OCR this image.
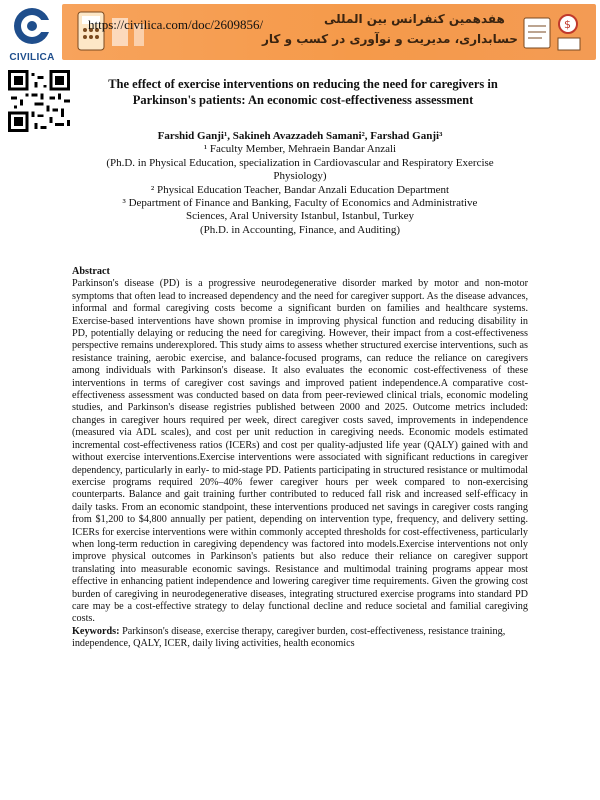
CIVILICA
هفدهمین کنفرانس بین المللی
حسابداری، مدیریت و نوآوری در کسب و کار
$
https://civilica.com/doc/2609856/
The effect of exercise interventions on reducing the need for caregivers in Parkinson's patients: An economic cost-effectiveness assessment
Farshid Ganji¹, Sakineh Avazzadeh Samani², Farshad Ganji³
¹ Faculty Member, Mehraein Bandar Anzali
(Ph.D. in Physical Education, specialization in Cardiovascular and Respiratory Exercise Physiology)
² Physical Education Teacher, Bandar Anzali Education Department
³ Department of Finance and Banking, Faculty of Economics and Administrative Sciences, Aral University Istanbul, Istanbul, Turkey
(Ph.D. in Accounting, Finance, and Auditing)
Abstract
Parkinson's disease (PD) is a progressive neurodegenerative disorder marked by motor and non-motor symptoms that often lead to increased dependency and the need for caregiver support. As the disease advances, informal and formal caregiving costs become a significant burden on families and healthcare systems. Exercise-based interventions have shown promise in improving physical function and reducing disability in PD, potentially delaying or reducing the need for caregiving. However, their impact from a cost-effectiveness perspective remains underexplored. This study aims to assess whether structured exercise interventions, such as resistance training, aerobic exercise, and balance-focused programs, can reduce the reliance on caregivers among individuals with Parkinson's disease. It also evaluates the economic cost-effectiveness of these interventions in terms of caregiver cost savings and improved patient independence.A comparative cost-effectiveness assessment was conducted based on data from peer-reviewed clinical trials, economic modeling studies, and Parkinson's disease registries published between 2000 and 2025. Outcome metrics included: changes in caregiver hours required per week, direct caregiver costs saved, improvements in independence (measured via ADL scales), and cost per unit reduction in caregiving needs. Economic models estimated incremental cost-effectiveness ratios (ICERs) and cost per quality-adjusted life year (QALY) gained with and without exercise interventions.Exercise interventions were associated with significant reductions in caregiver dependency, particularly in early- to mid-stage PD. Patients participating in structured resistance or multimodal exercise programs required 20%–40% fewer caregiver hours per week compared to non-exercising counterparts. Balance and gait training further contributed to reduced fall risk and increased self-efficacy in daily tasks. From an economic standpoint, these interventions produced net savings in caregiver costs ranging from $1,200 to $4,800 annually per patient, depending on intervention type, frequency, and delivery setting. ICERs for exercise interventions were within commonly accepted thresholds for cost-effectiveness, particularly when long-term reduction in caregiving dependency was factored into models.Exercise interventions not only improve physical outcomes in Parkinson's patients but also reduce their reliance on caregiver support translating into measurable economic savings. Resistance and multimodal training programs appear most effective in enhancing patient independence and lowering caregiver time requirements. Given the growing cost burden of caregiving in neurodegenerative diseases, integrating structured exercise programs into standard PD care may be a cost-effective strategy to delay functional decline and reduce societal and familial caregiving costs.
Keywords: Parkinson's disease, exercise therapy, caregiver burden, cost-effectiveness, resistance training, independence, QALY, ICER, daily living activities, health economics
